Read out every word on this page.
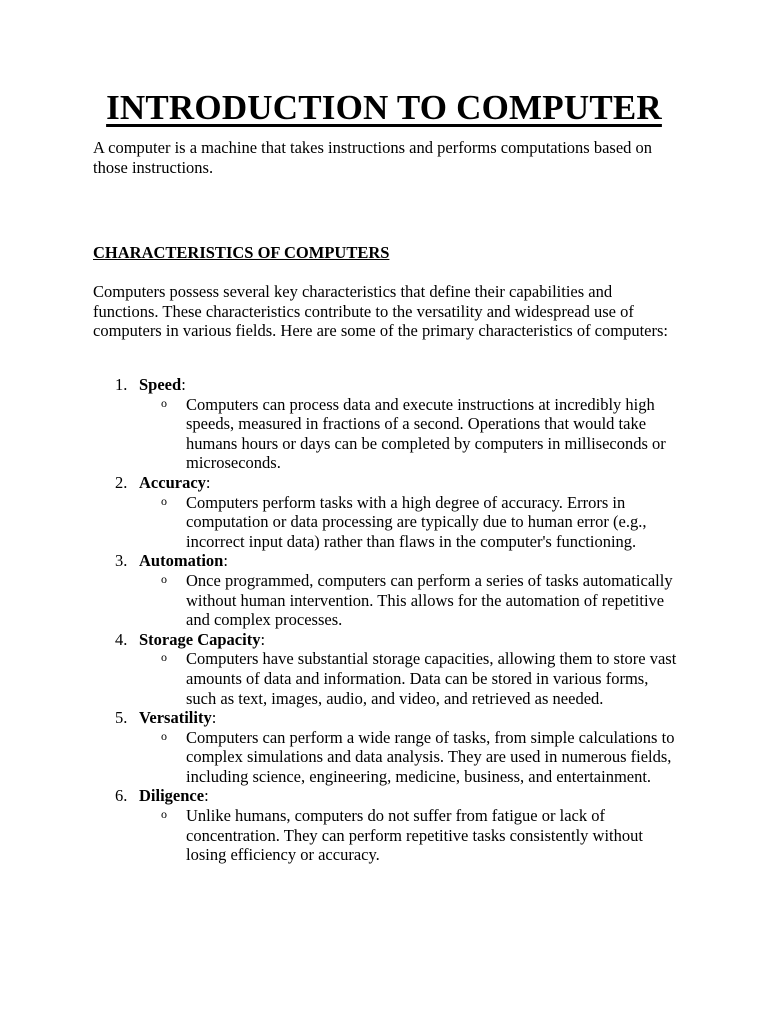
INTRODUCTION TO COMPUTER

A computer is a machine that takes instructions and performs computations based on those instructions.

CHARACTERISTICS OF COMPUTERS

Computers possess several key characteristics that define their capabilities and functions. These characteristics contribute to the versatility and widespread use of computers in various fields. Here are some of the primary characteristics of computers:

1. Speed:
o Computers can process data and execute instructions at incredibly high speeds, measured in fractions of a second. Operations that would take humans hours or days can be completed by computers in milliseconds or microseconds.
2. Accuracy:
o Computers perform tasks with a high degree of accuracy. Errors in computation or data processing are typically due to human error (e.g., incorrect input data) rather than flaws in the computer's functioning.
3. Automation:
o Once programmed, computers can perform a series of tasks automatically without human intervention. This allows for the automation of repetitive and complex processes.
4. Storage Capacity:
o Computers have substantial storage capacities, allowing them to store vast amounts of data and information. Data can be stored in various forms, such as text, images, audio, and video, and retrieved as needed.
5. Versatility:
o Computers can perform a wide range of tasks, from simple calculations to complex simulations and data analysis. They are used in numerous fields, including science, engineering, medicine, business, and entertainment.
6. Diligence:
o Unlike humans, computers do not suffer from fatigue or lack of concentration. They can perform repetitive tasks consistently without losing efficiency or accuracy.
